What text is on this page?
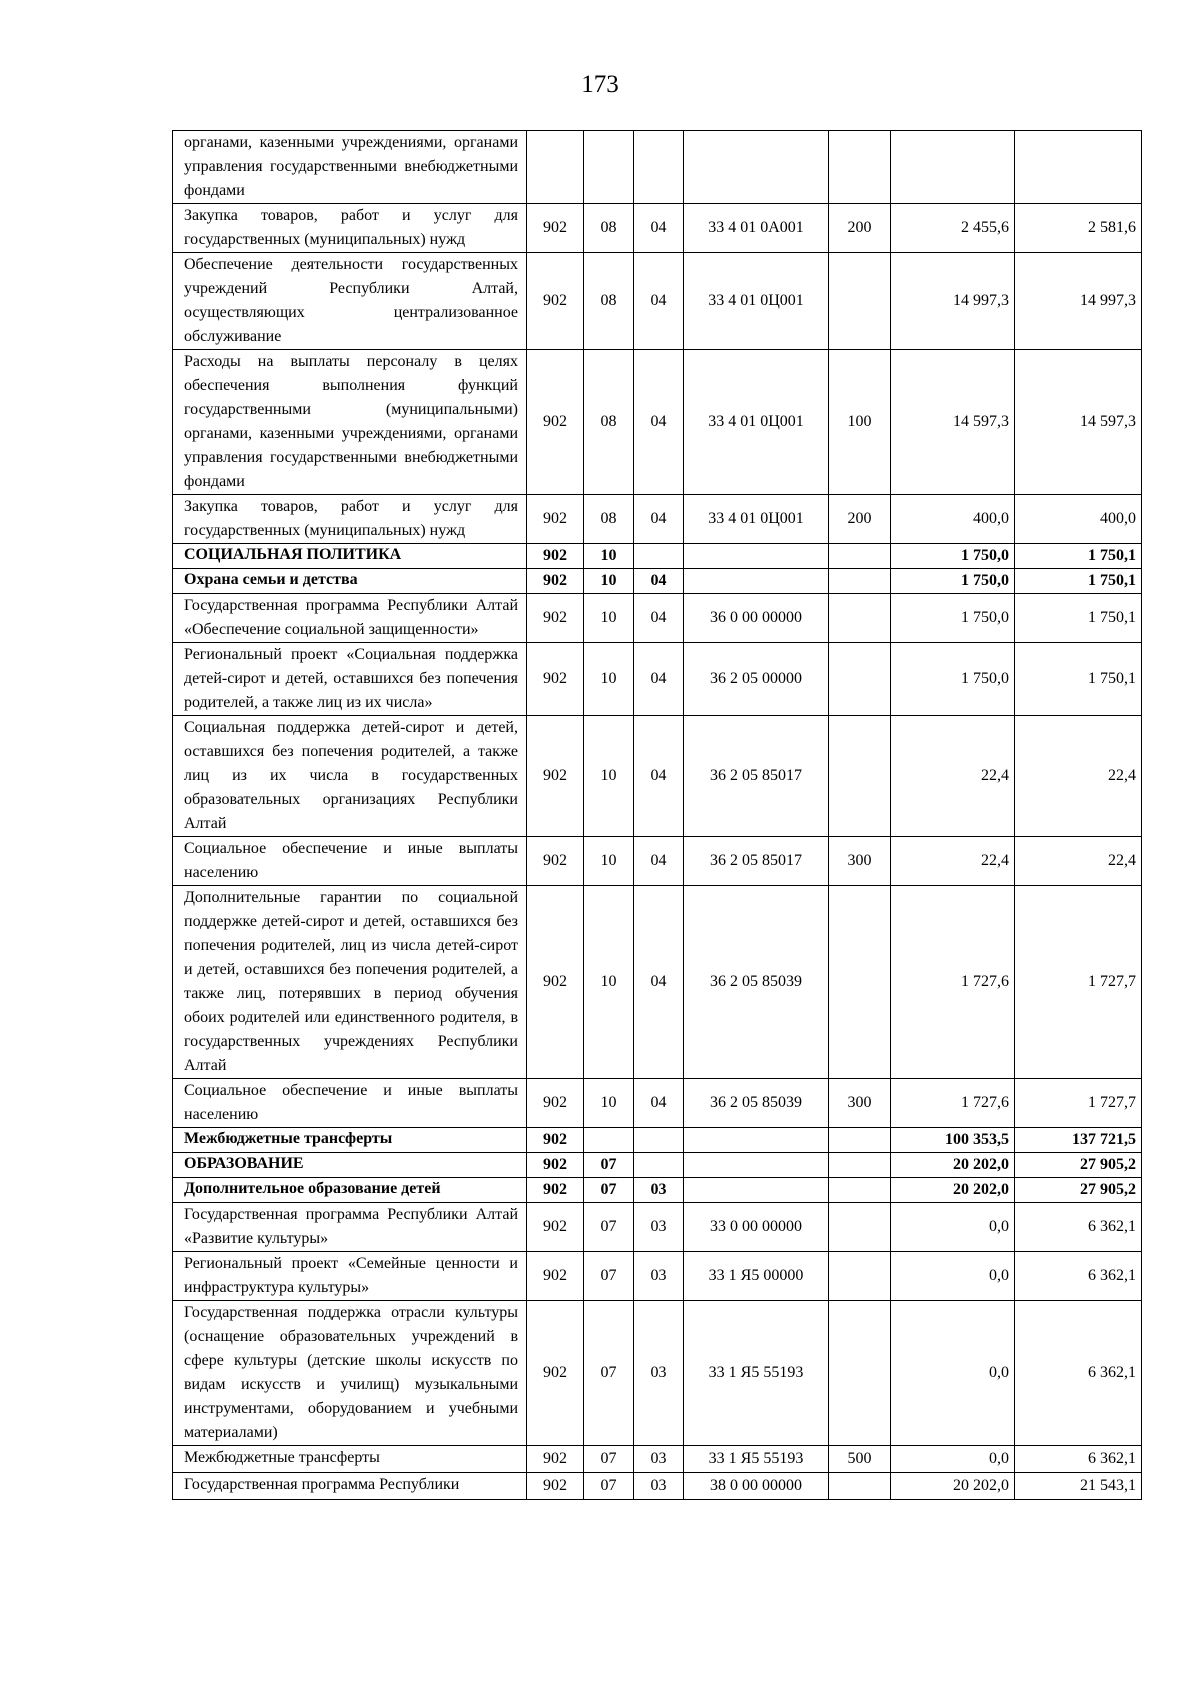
173
органами, казенными учреждениями, органами управления государственными внебюджетными фондами							
Закупка товаров, работ и услуг для государственных (муниципальных) нужд	902	08	04	33 4 01 0А001	200	2 455,6	2 581,6
Обеспечение деятельности государственных учреждений Республики Алтай, осуществляющих централизованное обслуживание	902	08	04	33 4 01 0Ц001		14 997,3	14 997,3
Расходы на выплаты персоналу в целях обеспечения выполнения функций государственными (муниципальными) органами, казенными учреждениями, органами управления государственными внебюджетными фондами	902	08	04	33 4 01 0Ц001	100	14 597,3	14 597,3
Закупка товаров, работ и услуг для государственных (муниципальных) нужд	902	08	04	33 4 01 0Ц001	200	400,0	400,0
СОЦИАЛЬНАЯ ПОЛИТИКА	902	10				1 750,0	1 750,1
Охрана семьи и детства	902	10	04			1 750,0	1 750,1
Государственная программа Республики Алтай «Обеспечение социальной защищенности»	902	10	04	36 0 00 00000		1 750,0	1 750,1
Региональный проект «Социальная поддержка детей-сирот и детей, оставшихся без попечения родителей, а также лиц из их числа»	902	10	04	36 2 05 00000		1 750,0	1 750,1
Социальная поддержка детей-сирот и детей, оставшихся без попечения родителей, а также лиц из их числа в государственных образовательных организациях Республики Алтай	902	10	04	36 2 05 85017		22,4	22,4
Социальное обеспечение и иные выплаты населению	902	10	04	36 2 05 85017	300	22,4	22,4
Дополнительные гарантии по социальной поддержке детей-сирот и детей, оставшихся без попечения родителей, лиц из числа детей-сирот и детей, оставшихся без попечения родителей, а также лиц, потерявших в период обучения обоих родителей или единственного родителя, в государственных учреждениях Республики Алтай	902	10	04	36 2 05 85039		1 727,6	1 727,7
Социальное обеспечение и иные выплаты населению	902	10	04	36 2 05 85039	300	1 727,6	1 727,7
Межбюджетные трансферты	902					100 353,5	137 721,5
ОБРАЗОВАНИЕ	902	07				20 202,0	27 905,2
Дополнительное образование детей	902	07	03			20 202,0	27 905,2
Государственная программа Республики Алтай «Развитие культуры»	902	07	03	33 0 00 00000		0,0	6 362,1
Региональный проект «Семейные ценности и инфраструктура культуры»	902	07	03	33 1 Я5 00000		0,0	6 362,1
Государственная поддержка отрасли культуры (оснащение образовательных учреждений в сфере культуры (детские школы искусств по видам искусств и училищ) музыкальными инструментами, оборудованием и учебными материалами)	902	07	03	33 1 Я5 55193		0,0	6 362,1
Межбюджетные трансферты	902	07	03	33 1 Я5 55193	500	0,0	6 362,1
Государственная программа Республики	902	07	03	38 0 00 00000		20 202,0	21 543,1
